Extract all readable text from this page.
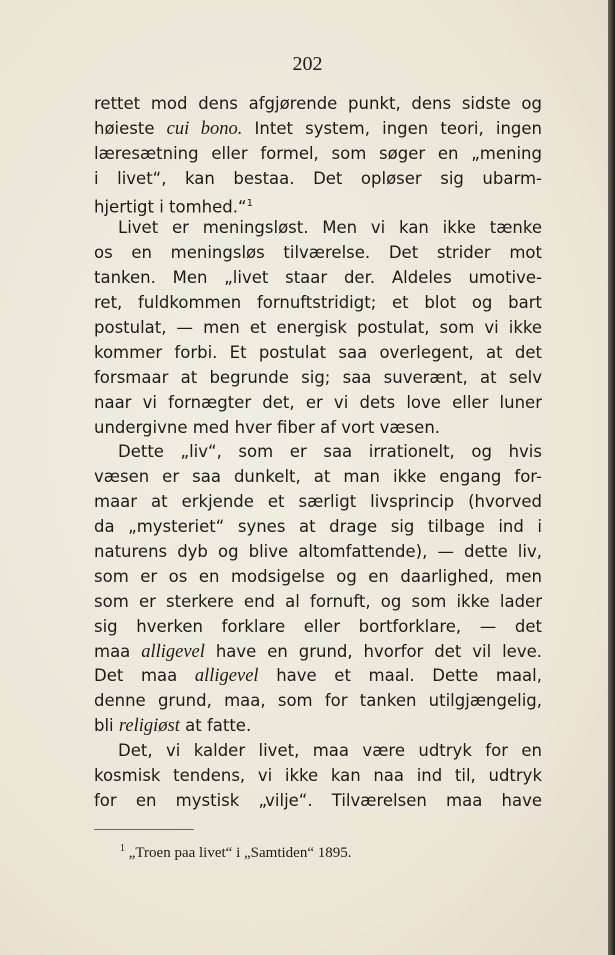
202

rettet mod dens afgjørende punkt, dens sidste og
høieste cui bono. Intet system, ingen teori, ingen
læresætning eller formel, som søger en „mening
i livet“, kan bestaa. Det opløser sig ubarm-
hjertigt i tomhed.“$^1$
Livet er meningsløst. Men vi kan ikke tænke
os en meningsløs tilværelse. Det strider mot
tanken. Men „livet staar der. Aldeles umotive-
ret, fuldkommen fornuftstridigt; et blot og bart
postulat, — men et energisk postulat, som vi ikke
kommer forbi. Et postulat saa overlegent, at det
forsmaar at begrunde sig; saa suverænt, at selv
naar vi fornægter det, er vi dets love eller luner
undergivne med hver fiber af vort væsen.
Dette „liv“, som er saa irrationelt, og hvis
væsen er saa dunkelt, at man ikke engang for-
maar at erkjende et særligt livsprincip (hvorved
da „mysteriet“ synes at drage sig tilbage ind i
naturens dyb og blive altomfattende), — dette liv,
som er os en modsigelse og en daarlighed, men
som er sterkere end al fornuft, og som ikke lader
sig hverken forklare eller bortforklare, — det
maa alligevel have en grund, hvorfor det vil leve.
Det maa alligevel have et maal. Dette maal,
denne grund, maa, som for tanken utilgjængelig,
bli religiøst at fatte.
Det, vi kalder livet, maa være udtryk for en
kosmisk tendens, vi ikke kan naa ind til, udtryk
for en mystisk „vilje“. Tilværelsen maa have
$^1$ „Troen paa livet“ i „Samtiden“ 1895.
